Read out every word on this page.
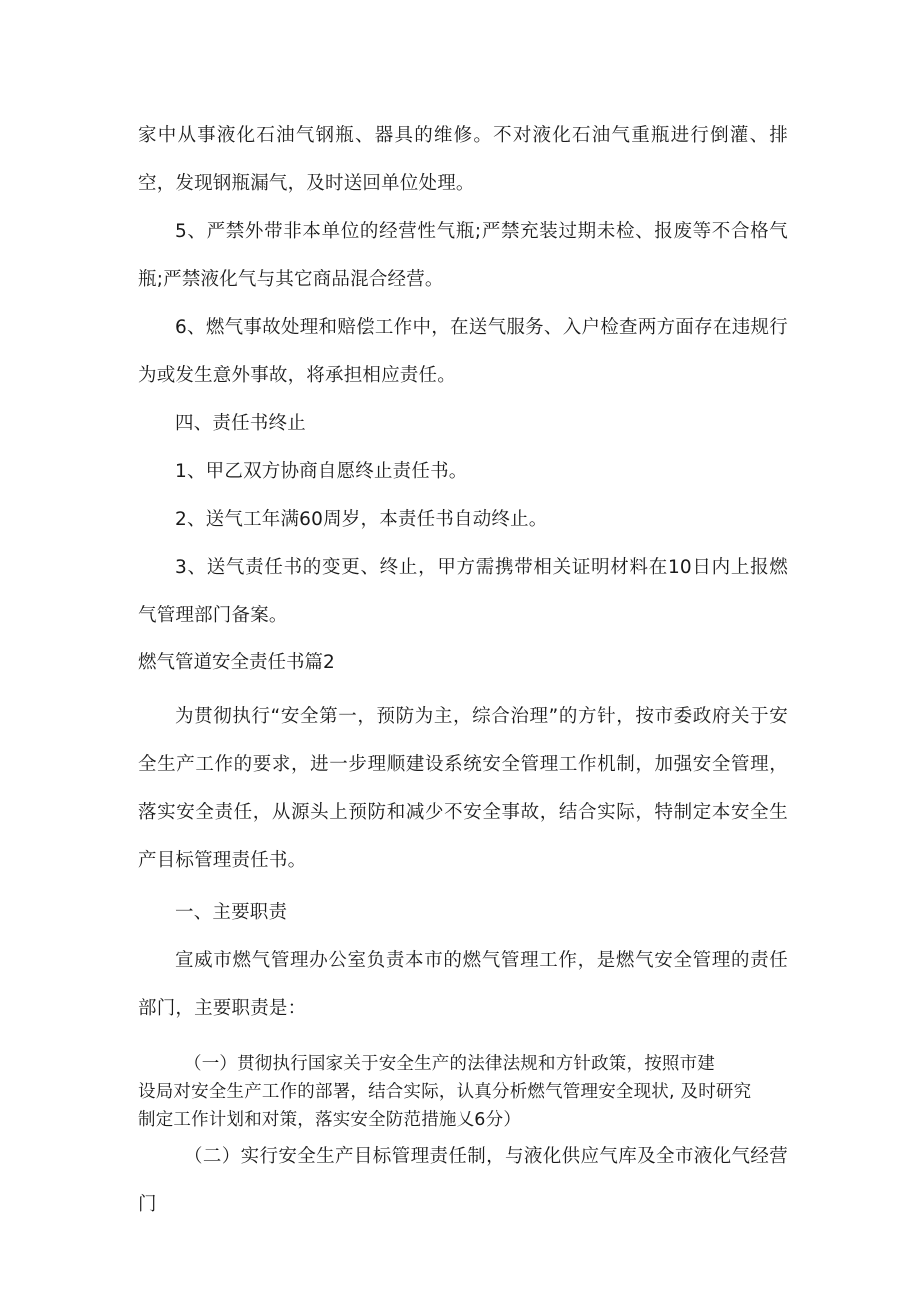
家中从事液化石油气钢瓶、器具的维修。不对液化石油气重瓶进行倒灌、排空，发现钢瓶漏气，及时送回单位处理。

5、严禁外带非本单位的经营性气瓶;严禁充装过期未检、报废等不合格气瓶;严禁液化气与其它商品混合经营。

6、燃气事故处理和赔偿工作中，在送气服务、入户检查两方面存在违规行为或发生意外事故，将承担相应责任。

四、责任书终止

1、甲乙双方协商自愿终止责任书。

2、送气工年满60周岁，本责任书自动终止。

3、送气责任书的变更、终止，甲方需携带相关证明材料在10日内上报燃气管理部门备案。

燃气管道安全责任书篇2

为贯彻执行“安全第一，预防为主，综合治理”的方针，按市委政府关于安全生产工作的要求，进一步理顺建设系统安全管理工作机制，加强安全管理，落实安全责任，从源头上预防和减少不安全事故，结合实际，特制定本安全生产目标管理责任书。

一、主要职责

宣威市燃气管理办公室负责本市的燃气管理工作，是燃气安全管理的责任部门，主要职责是：

（一）贯彻执行国家关于安全生产的法律法规和方针政策，按照市建
设局对安全生产工作的部署，结合实际，认真分析燃气管理安全现状, 及时研究
制定工作计划和对策，落实安全防范措施乂6分）

（二）实行安全生产目标管理责任制，与液化供应气库及全市液化气经营门
